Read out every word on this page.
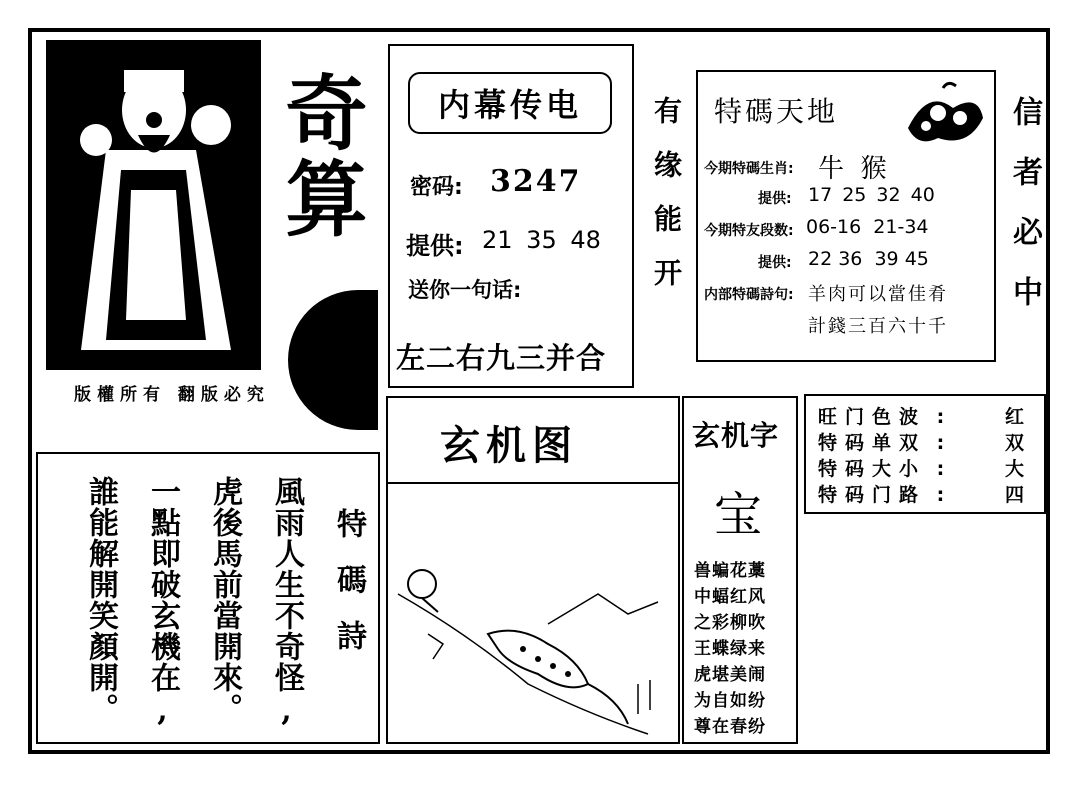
奇算
版權所有 翻版必究
内幕传电
密码: 3247
提供: 21 35 48
送你一句话:
左二右九三并合
有缘能开 特碼天地
今期特碼生肖: 牛  猴
提供: 17 25 32 40
今期特友段数: 06-16  21-34
提供: 22 36  39 45
内部特碼詩句: 羊肉可以當佳肴
計錢三百六十千 信者必中
玄机图	玄机字
宝
兽蝙花藁
中蝠红风
之彩柳吹
王蝶绿来
虎堪美闹
为自如纷
尊在春纷
旺门色波 :	红
特码单双 :	双
特码大小 :	大
特码门路 :	四
特碼詩
風雨人生不奇怪,
虎後馬前當開來。
一點即破玄機在,
誰能解開笑顏開。
